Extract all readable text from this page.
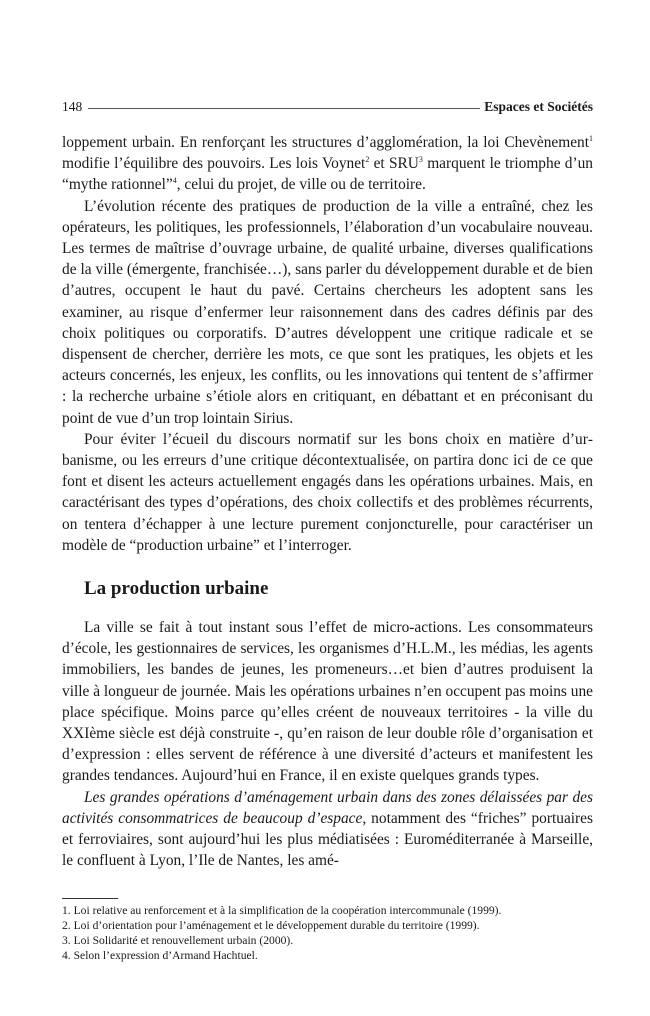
148	Espaces et Sociétés

loppement urbain. En renforçant les structures d’agglomération, la loi Chevènement$^1$ modifie l’équilibre des pouvoirs. Les lois Voynet$^2$ et SRU$^3$ marquent le triomphe d’un “mythe rationnel”$^4$, celui du projet, de ville ou de territoire.

L’évolution récente des pratiques de production de la ville a entraîné, chez les opérateurs, les politiques, les professionnels, l’élaboration d’un vocabulaire nouveau. Les termes de maîtrise d’ouvrage urbaine, de qualité urbaine, diverses qualifications de la ville (émergente, franchisée…), sans parler du développement durable et de bien d’autres, occupent le haut du pavé. Certains chercheurs les adoptent sans les examiner, au risque d’enfermer leur raisonnement dans des cadres définis par des choix politiques ou corporatifs. D’autres développent une critique radicale et se dispensent de chercher, derrière les mots, ce que sont les pratiques, les objets et les acteurs concernés, les enjeux, les conflits, ou les innovations qui tentent de s’affirmer : la recherche urbaine s’étiole alors en critiquant, en débattant et en préconisant du point de vue d’un trop lointain Sirius.

Pour éviter l’écueil du discours normatif sur les bons choix en matière d’urbanisme, ou les erreurs d’une critique décontextualisée, on partira donc ici de ce que font et disent les acteurs actuellement engagés dans les opérations urbaines. Mais, en caractérisant des types d’opérations, des choix collectifs et des problèmes récurrents, on tentera d’échapper à une lecture purement conjoncturelle, pour caractériser un modèle de “production urbaine” et l’interroger.

La production urbaine

La ville se fait à tout instant sous l’effet de micro-actions. Les consommateurs d’école, les gestionnaires de services, les organismes d’H.L.M., les médias, les agents immobiliers, les bandes de jeunes, les promeneurs…et bien d’autres produisent la ville à longueur de journée. Mais les opérations urbaines n’en occupent pas moins une place spécifique. Moins parce qu’elles créent de nouveaux territoires - la ville du XXIème siècle est déjà construite -, qu’en raison de leur double rôle d’organisation et d’expression : elles servent de référence à une diversité d’acteurs et manifestent les grandes tendances. Aujourd’hui en France, il en existe quelques grands types.

Les grandes opérations d’aménagement urbain dans des zones délaissées par des activités consommatrices de beaucoup d’espace, notamment des “friches” portuaires et ferroviaires, sont aujourd’hui les plus médiatisées : Euroméditerranée à Marseille, le confluent à Lyon, l’Ile de Nantes, les amé-

1. Loi relative au renforcement et à la simplification de la coopération intercommunale (1999).
2. Loi d’orientation pour l’aménagement et le développement durable du territoire (1999).
3. Loi Solidarité et renouvellement urbain (2000).
4. Selon l’expression d’Armand Hachtuel.
